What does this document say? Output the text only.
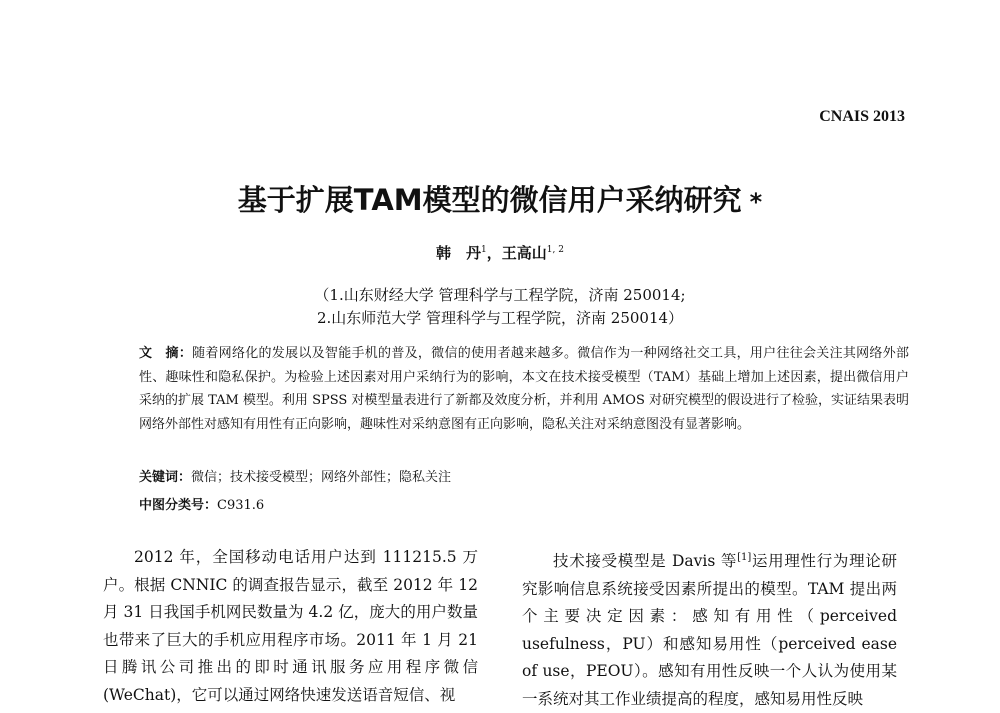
CNAIS 2013
基于扩展TAM模型的微信用户采纳研究 *
韩　丹$^1$，王高山$^{1, 2}$
（1.山东财经大学 管理科学与工程学院，济南 250014;
2.山东师范大学 管理科学与工程学院，济南 250014）
文　摘：随着网络化的发展以及智能手机的普及，微信的使用者越来越多。微信作为一种网络社交工具，用户往往会关注其网络外部性、趣味性和隐私保护。为检验上述因素对用户采纳行为的影响，本文在技术接受模型（TAM）基础上增加上述因素，提出微信用户采纳的扩展 TAM 模型。利用 SPSS 对模型量表进行了新都及效度分析，并利用 AMOS 对研究模型的假设进行了检验，实证结果表明网络外部性对感知有用性有正向影响，趣味性对采纳意图有正向影响，隐私关注对采纳意图没有显著影响。
关键词：微信；技术接受模型；网络外部性；隐私关注
中图分类号：C931.6

2012 年，全国移动电话用户达到 111215.5 万户。根据 CNNIC 的调查报告显示，截至 2012 年 12 月 31 日我国手机网民数量为 4.2 亿，庞大的用户数量也带来了巨大的手机应用程序市场。2011 年 1 月 21 日腾讯公司推出的即时通讯服务应用程序微信(WeChat)，它可以通过网络快速发送语音短信、视

技术接受模型是 Davis 等[1]运用理性行为理论研究影响信息系统接受因素所提出的模型。TAM 提出两个主要决定因素：感知有用性（perceived usefulness，PU）和感知易用性（perceived ease of use，PEOU）。感知有用性反映一个人认为使用某一系统对其工作业绩提高的程度，感知易用性反映
